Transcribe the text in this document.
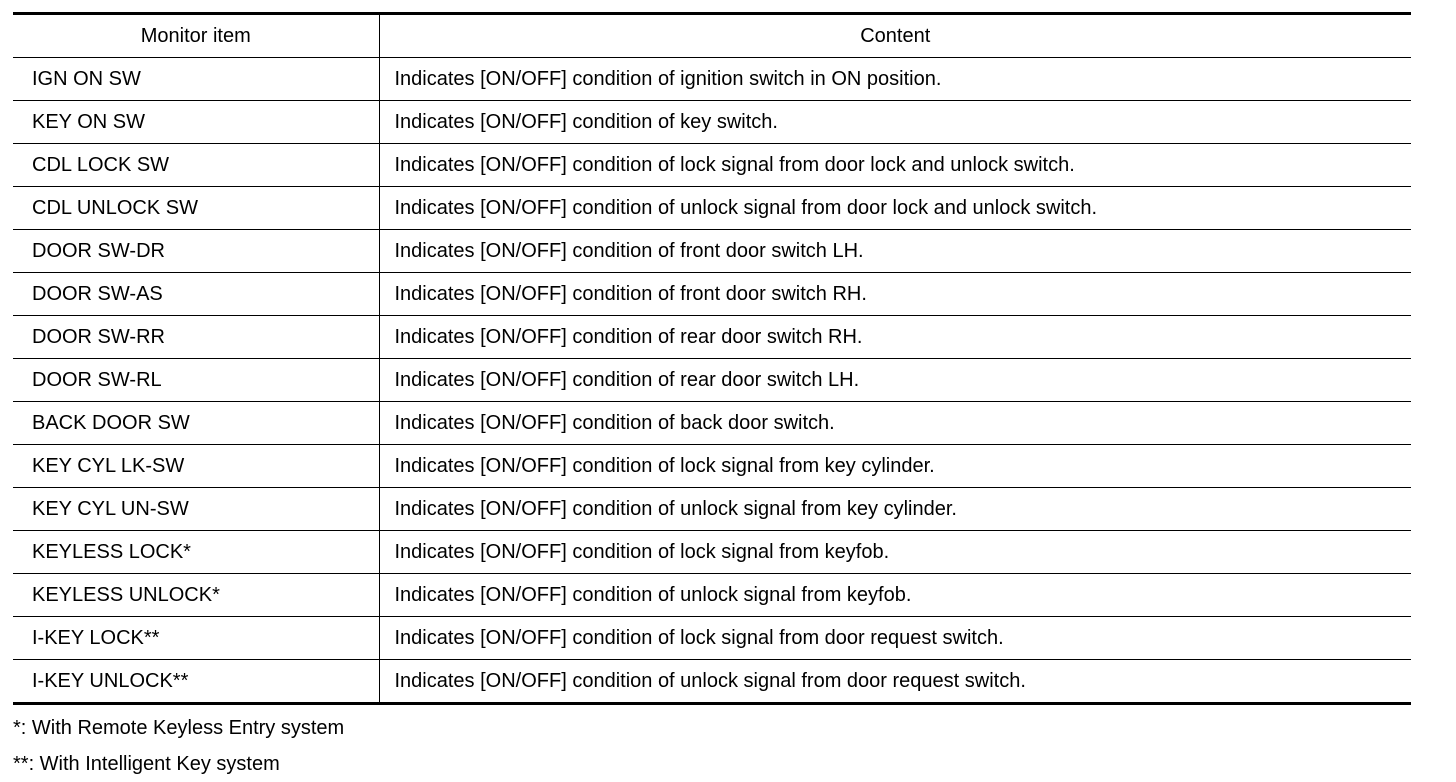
Monitor item	Content
IGN ON SW	Indicates [ON/OFF] condition of ignition switch in ON position.
KEY ON SW	Indicates [ON/OFF] condition of key switch.
CDL LOCK SW	Indicates [ON/OFF] condition of lock signal from door lock and unlock switch.
CDL UNLOCK SW	Indicates [ON/OFF] condition of unlock signal from door lock and unlock switch.
DOOR SW-DR	Indicates [ON/OFF] condition of front door switch LH.
DOOR SW-AS	Indicates [ON/OFF] condition of front door switch RH.
DOOR SW-RR	Indicates [ON/OFF] condition of rear door switch RH.
DOOR SW-RL	Indicates [ON/OFF] condition of rear door switch LH.
BACK DOOR SW	Indicates [ON/OFF] condition of back door switch.
KEY CYL LK-SW	Indicates [ON/OFF] condition of lock signal from key cylinder.
KEY CYL UN-SW	Indicates [ON/OFF] condition of unlock signal from key cylinder.
KEYLESS LOCK*	Indicates [ON/OFF] condition of lock signal from keyfob.
KEYLESS UNLOCK*	Indicates [ON/OFF] condition of unlock signal from keyfob.
I-KEY LOCK**	Indicates [ON/OFF] condition of lock signal from door request switch.
I-KEY UNLOCK**	Indicates [ON/OFF] condition of unlock signal from door request switch.
*: With Remote Keyless Entry system
**: With Intelligent Key system
